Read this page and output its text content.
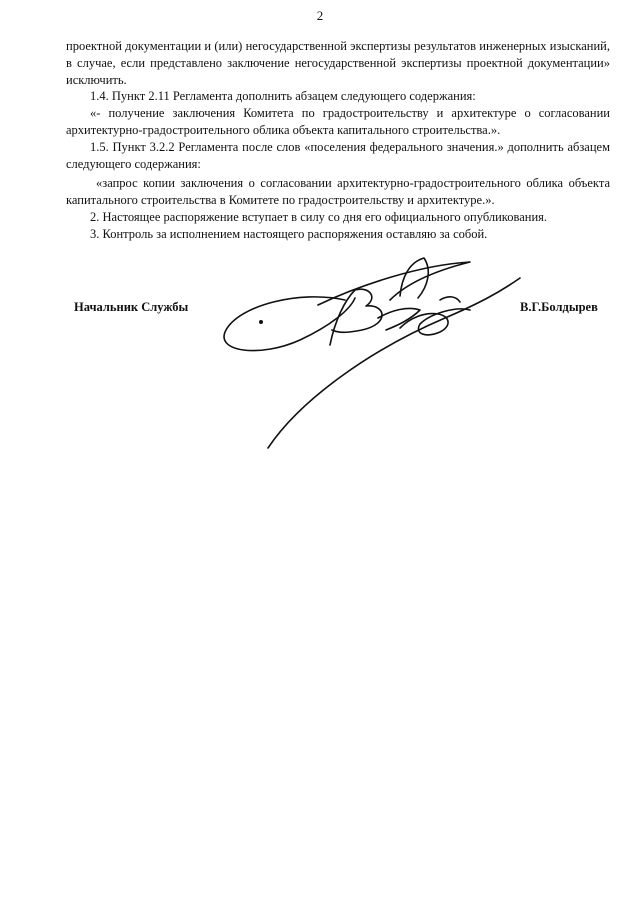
2

проектной документации и (или) негосударственной экспертизы результатов инженерных изысканий, в случае, если представлено заключение негосударственной экспертизы проектной документации» исключить.

1.4. Пункт 2.11 Регламента дополнить абзацем следующего содержания:

«- получение заключения Комитета по градостроительству и архитектуре о согласовании архитектурно-градостроительного облика объекта капитального строительства.».

1.5. Пункт 3.2.2 Регламента после слов «поселения федерального значения.» дополнить абзацем следующего содержания:

«запрос копии заключения о согласовании архитектурно-градостроительного облика объекта капитального строительства в Комитете по градостроительству и архитектуре.».

2. Настоящее распоряжение вступает в силу со дня его официального опубликования.

3. Контроль за исполнением настоящего распоряжения оставляю за собой.

Начальник Службы	В.Г.Болдырев
